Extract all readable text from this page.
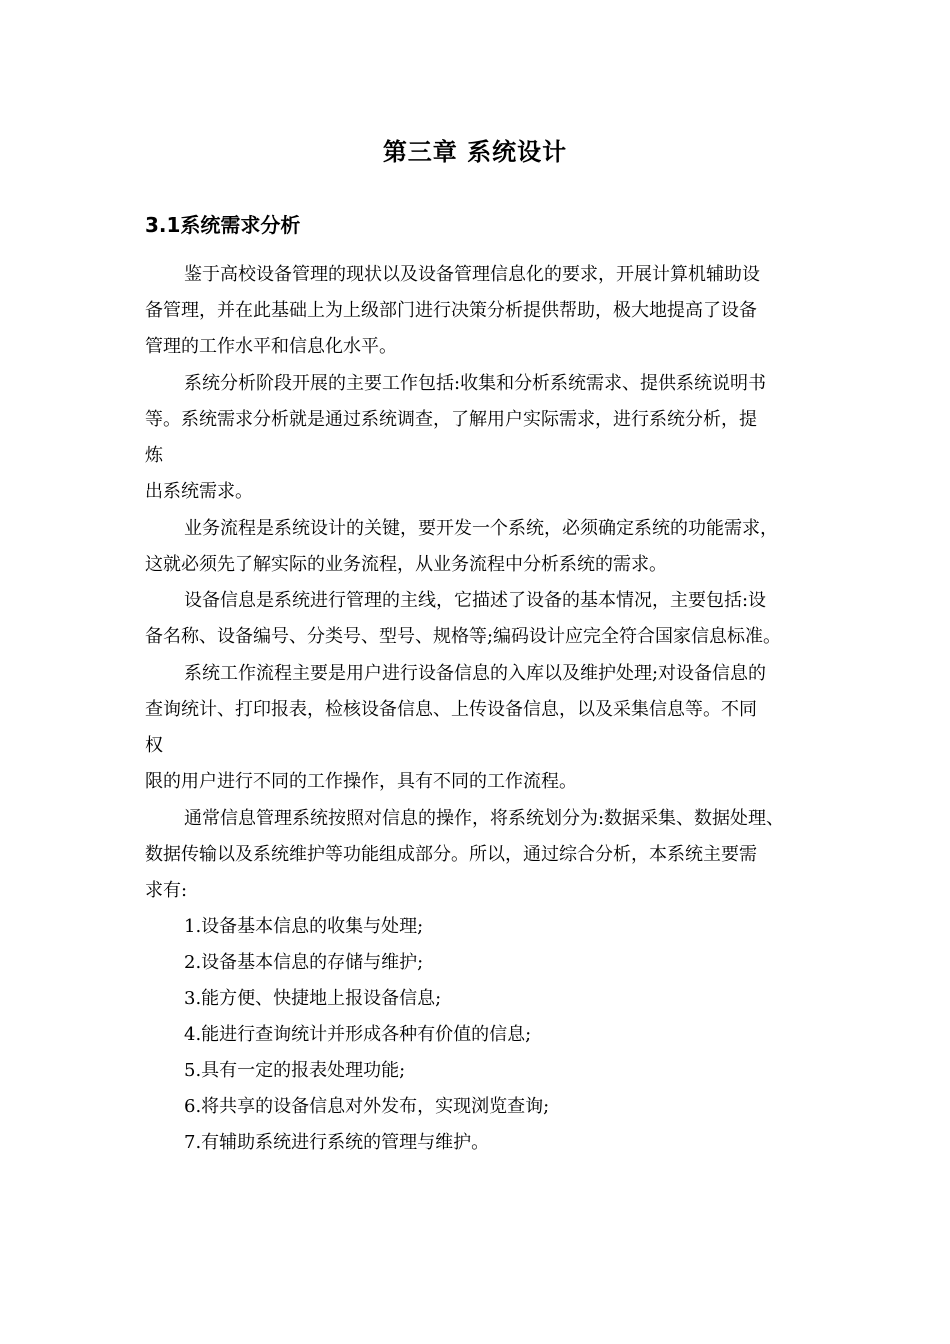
第三章 系统设计
3.1系统需求分析

鉴于高校设备管理的现状以及设备管理信息化的要求，开展计算机辅助设

备管理，并在此基础上为上级部门进行决策分析提供帮助，极大地提高了设备

管理的工作水平和信息化水平。

系统分析阶段开展的主要工作包括:收集和分析系统需求、提供系统说明书

等。系统需求分析就是通过系统调查，了解用户实际需求，进行系统分析，提

炼

出系统需求。

业务流程是系统设计的关键，要开发一个系统，必须确定系统的功能需求，

这就必须先了解实际的业务流程，从业务流程中分析系统的需求。

设备信息是系统进行管理的主线，它描述了设备的基本情况，主要包括:设

备名称、设备编号、分类号、型号、规格等;编码设计应完全符合国家信息标准。

系统工作流程主要是用户进行设备信息的入库以及维护处理;对设备信息的

查询统计、打印报表，检核设备信息、上传设备信息，以及采集信息等。不同

权

限的用户进行不同的工作操作，具有不同的工作流程。

通常信息管理系统按照对信息的操作，将系统划分为:数据采集、数据处理、

数据传输以及系统维护等功能组成部分。所以，通过综合分析，本系统主要需

求有:

1.设备基本信息的收集与处理;

2.设备基本信息的存储与维护;

3.能方便、快捷地上报设备信息;

4.能进行查询统计并形成各种有价值的信息;

5.具有一定的报表处理功能;

6.将共享的设备信息对外发布，实现浏览查询;

7.有辅助系统进行系统的管理与维护。
